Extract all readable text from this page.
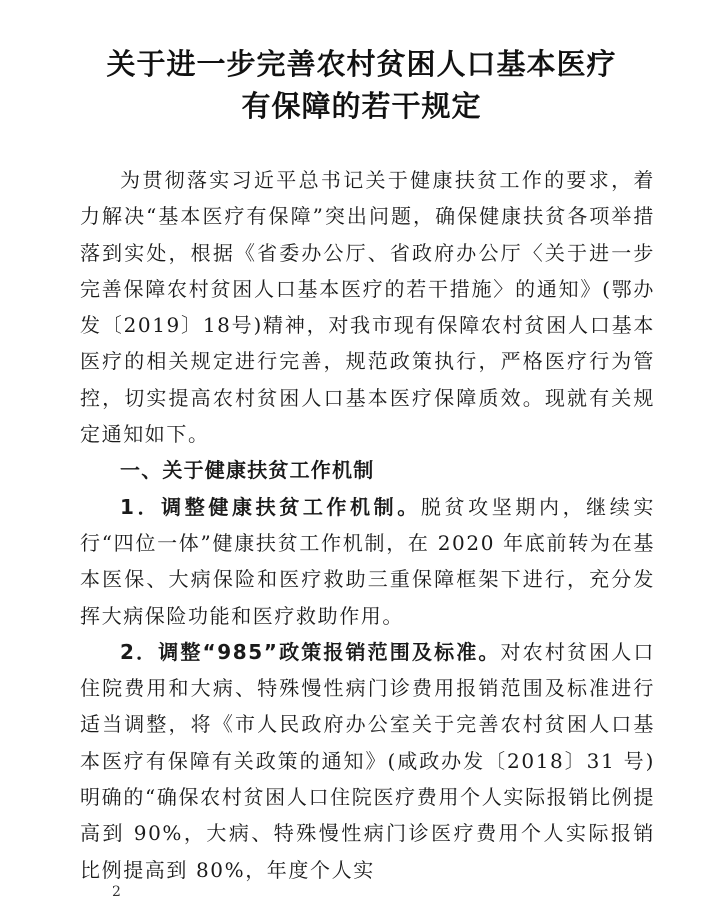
关于进一步完善农村贫困人口基本医疗
有保障的若干规定

为贯彻落实习近平总书记关于健康扶贫工作的要求，着力解决“基本医疗有保障”突出问题，确保健康扶贫各项举措落到实处，根据《省委办公厅、省政府办公厅〈关于进一步完善保障农村贫困人口基本医疗的若干措施〉的通知》(鄂办发〔2019〕18号)精神，对我市现有保障农村贫困人口基本医疗的相关规定进行完善，规范政策执行，严格医疗行为管控，切实提高农村贫困人口基本医疗保障质效。现就有关规定通知如下。

一、关于健康扶贫工作机制

1．调整健康扶贫工作机制。脱贫攻坚期内，继续实行“四位一体”健康扶贫工作机制，在 2020 年底前转为在基本医保、大病保险和医疗救助三重保障框架下进行，充分发挥大病保险功能和医疗救助作用。

2．调整“985”政策报销范围及标准。对农村贫困人口住院费用和大病、特殊慢性病门诊费用报销范围及标准进行适当调整，将《市人民政府办公室关于完善农村贫困人口基本医疗有保障有关政策的通知》(咸政办发〔2018〕31 号)明确的“确保农村贫困人口住院医疗费用个人实际报销比例提高到 90%，大病、特殊慢性病门诊医疗费用个人实际报销比例提高到 80%，年度个人实

2
